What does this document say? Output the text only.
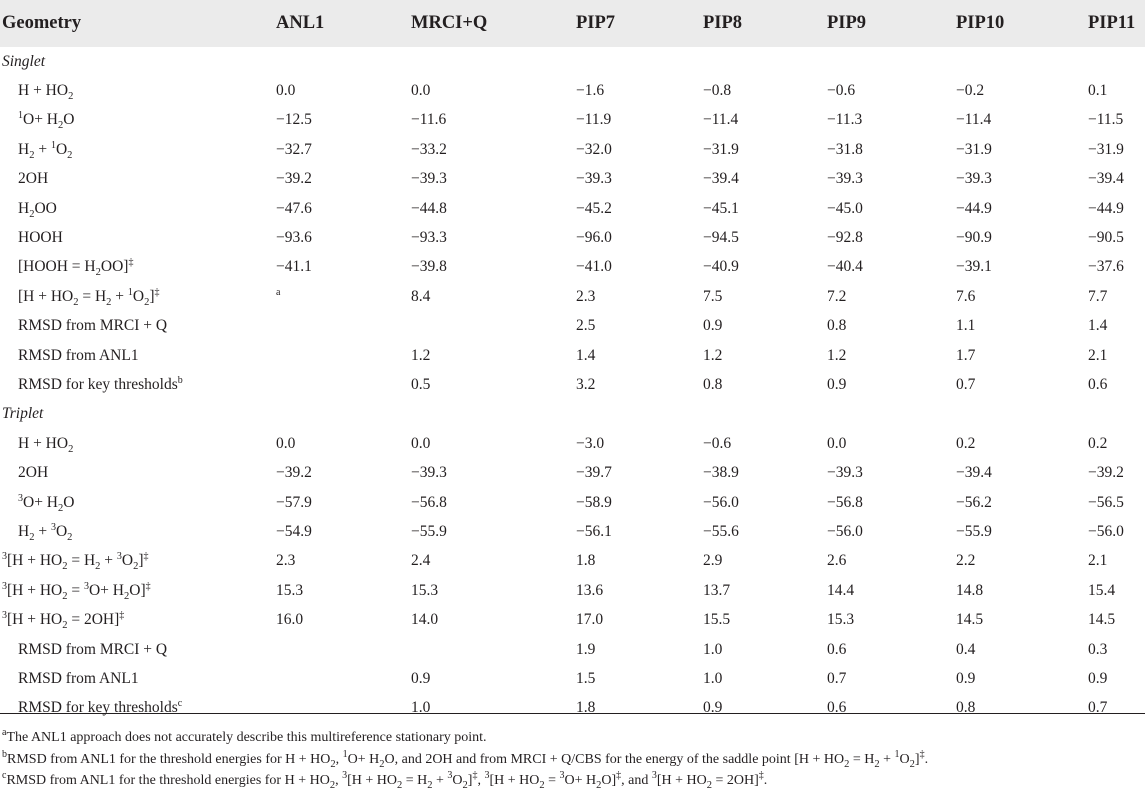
Geometry	ANL1	MRCI+Q	PIP7	PIP8	PIP9	PIP10	PIP11
Singlet							
$H + HO_2$	0.0	0.0	−1.6	−0.8	−0.6	−0.2	0.1
$^1O+ H_2O$	−12.5	−11.6	−11.9	−11.4	−11.3	−11.4	−11.5
$H_2 + ^1O_2$	−32.7	−33.2	−32.0	−31.9	−31.8	−31.9	−31.9
2OH	−39.2	−39.3	−39.3	−39.4	−39.3	−39.3	−39.4
$H_2OO$	−47.6	−44.8	−45.2	−45.1	−45.0	−44.9	−44.9
HOOH	−93.6	−93.3	−96.0	−94.5	−92.8	−90.9	−90.5
[HOOH = $H_2OO]^\ddagger$	−41.1	−39.8	−41.0	−40.9	−40.4	−39.1	−37.6
$[H + HO_2 = H_2 + ^1O_2]^\ddagger$	$^a$	8.4	2.3	7.5	7.2	7.6	7.7
RMSD from MRCI + Q			2.5	0.9	0.8	1.1	1.4
RMSD from ANL1		1.2	1.4	1.2	1.2	1.7	2.1
RMSD for key thresholds$^b$		0.5	3.2	0.8	0.9	0.7	0.6
Triplet							
$H + HO_2$	0.0	0.0	−3.0	−0.6	0.0	0.2	0.2
2OH	−39.2	−39.3	−39.7	−38.9	−39.3	−39.4	−39.2
$^3O+ H_2O$	−57.9	−56.8	−58.9	−56.0	−56.8	−56.2	−56.5
$H_2 + ^3O_2$	−54.9	−55.9	−56.1	−55.6	−56.0	−55.9	−56.0
$^3[H + HO_2 = H_2 + ^3O_2]^\ddagger$	2.3	2.4	1.8	2.9	2.6	2.2	2.1
$^3[H + HO_2 = ^3O+ H_2O]^\ddagger$	15.3	15.3	13.6	13.7	14.4	14.8	15.4
$^3[H + HO_2 = 2OH]^\ddagger$	16.0	14.0	17.0	15.5	15.3	14.5	14.5
RMSD from MRCI + Q			1.9	1.0	0.6	0.4	0.3
RMSD from ANL1		0.9	1.5	1.0	0.7	0.9	0.9
RMSD for key thresholds$^c$		1.0	1.8	0.9	0.6	0.8	0.7
$^a$The ANL1 approach does not accurately describe this multireference stationary point.
$^b$RMSD from ANL1 for the threshold energies for $H + HO_2$, $^1O+ H_2O$, and 2OH and from MRCI + Q/CBS for the energy of the saddle point $[H + HO_2 = H_2 + ^1O_2]^\ddagger$.
$^c$RMSD from ANL1 for the threshold energies for $H + HO_2$, $^3[H + HO_2 = H_2 + ^3O_2]^\ddagger$, $^3[H + HO_2 = ^3O+ H_2O]^\ddagger$, and $^3[H + HO_2 = 2OH]^\ddagger$.
